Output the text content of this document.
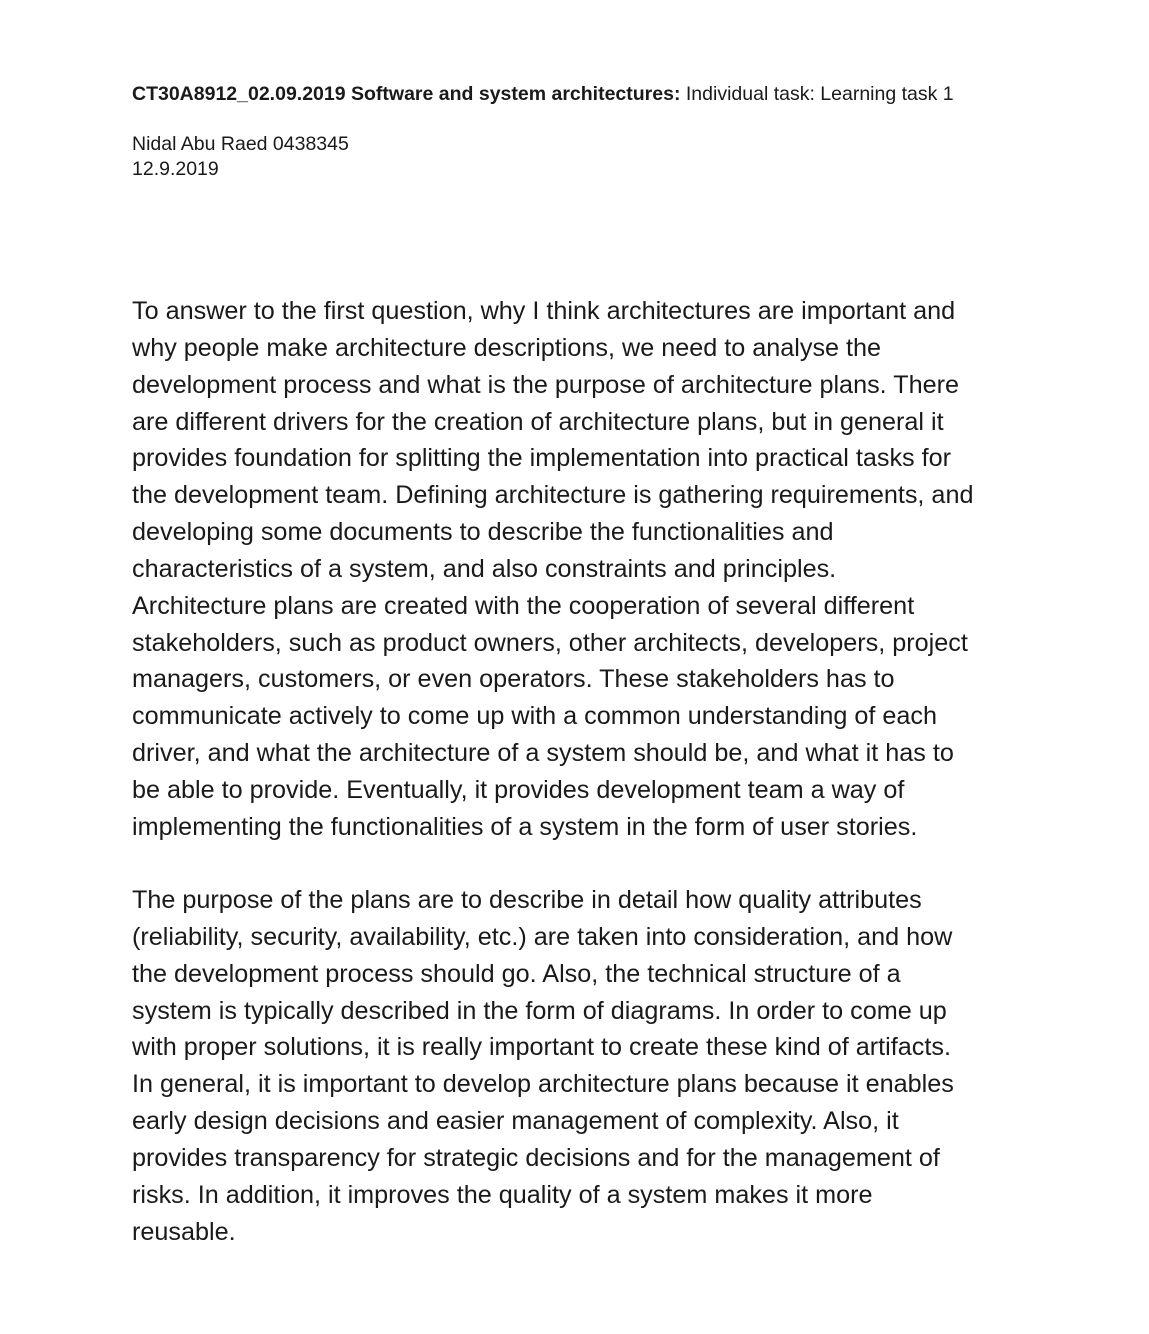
CT30A8912_02.09.2019 Software and system architectures: Individual task: Learning task 1
Nidal Abu Raed 0438345
12.9.2019
To answer to the first question, why I think architectures are important and
why people make architecture descriptions, we need to analyse the
development process and what is the purpose of architecture plans. There
are different drivers for the creation of architecture plans, but in general it
provides foundation for splitting the implementation into practical tasks for
the development team. Defining architecture is gathering requirements, and
developing some documents to describe the functionalities and
characteristics of a system, and also constraints and principles.
Architecture plans are created with the cooperation of several different
stakeholders, such as product owners, other architects, developers, project
managers, customers, or even operators. These stakeholders has to
communicate actively to come up with a common understanding of each
driver, and what the architecture of a system should be, and what it has to
be able to provide. Eventually, it provides development team a way of
implementing the functionalities of a system in the form of user stories.
The purpose of the plans are to describe in detail how quality attributes
(reliability, security, availability, etc.) are taken into consideration, and how
the development process should go. Also, the technical structure of a
system is typically described in the form of diagrams. In order to come up
with proper solutions, it is really important to create these kind of artifacts.
In general, it is important to develop architecture plans because it enables
early design decisions and easier management of complexity. Also, it
provides transparency for strategic decisions and for the management of
risks. In addition, it improves the quality of a system makes it more
reusable.
